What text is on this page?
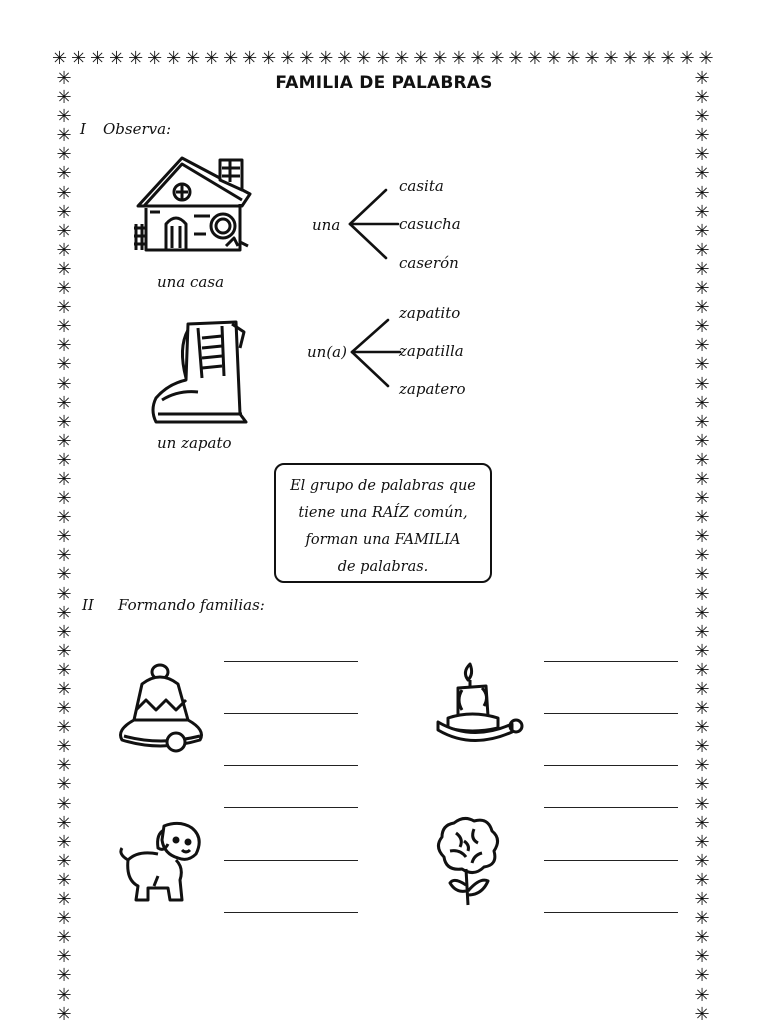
✳ ✳ ✳ ✳ ✳ ✳ ✳ ✳ ✳ ✳ ✳ ✳ ✳ ✳ ✳ ✳ ✳ ✳ ✳ ✳ ✳ ✳ ✳ ✳ ✳ ✳ ✳ ✳ ✳ ✳ ✳ ✳ ✳ ✳ ✳
✳
✳
✳
✳
✳
✳
✳
✳
✳
✳
✳
✳
✳
✳
✳
✳
✳
✳
✳
✳
✳
✳
✳
✳
✳
✳
✳
✳
✳
✳
✳
✳
✳
✳
✳
✳
✳
✳
✳
✳
✳
✳
✳
✳
✳
✳
✳
✳
✳
✳
✳
✳
✳
✳
✳
✳
✳
✳
✳
✳
✳
✳
✳
✳
✳
✳
✳
✳
✳
✳
✳
✳
✳
✳
✳
✳
✳
✳
✳
✳
✳
✳
✳
✳
✳
✳
✳
✳
✳
✳
✳
✳
✳
✳
✳
✳
✳
✳
✳
✳
FAMILIA DE PALABRAS
I Observa:
una casa
una
casita
casucha
caserón
un zapato
un(a)
zapatito
zapatilla
zapatero
El grupo de palabras que
tiene una RAÍZ común,
forman una FAMILIA
de palabras.
II Formando familias:
